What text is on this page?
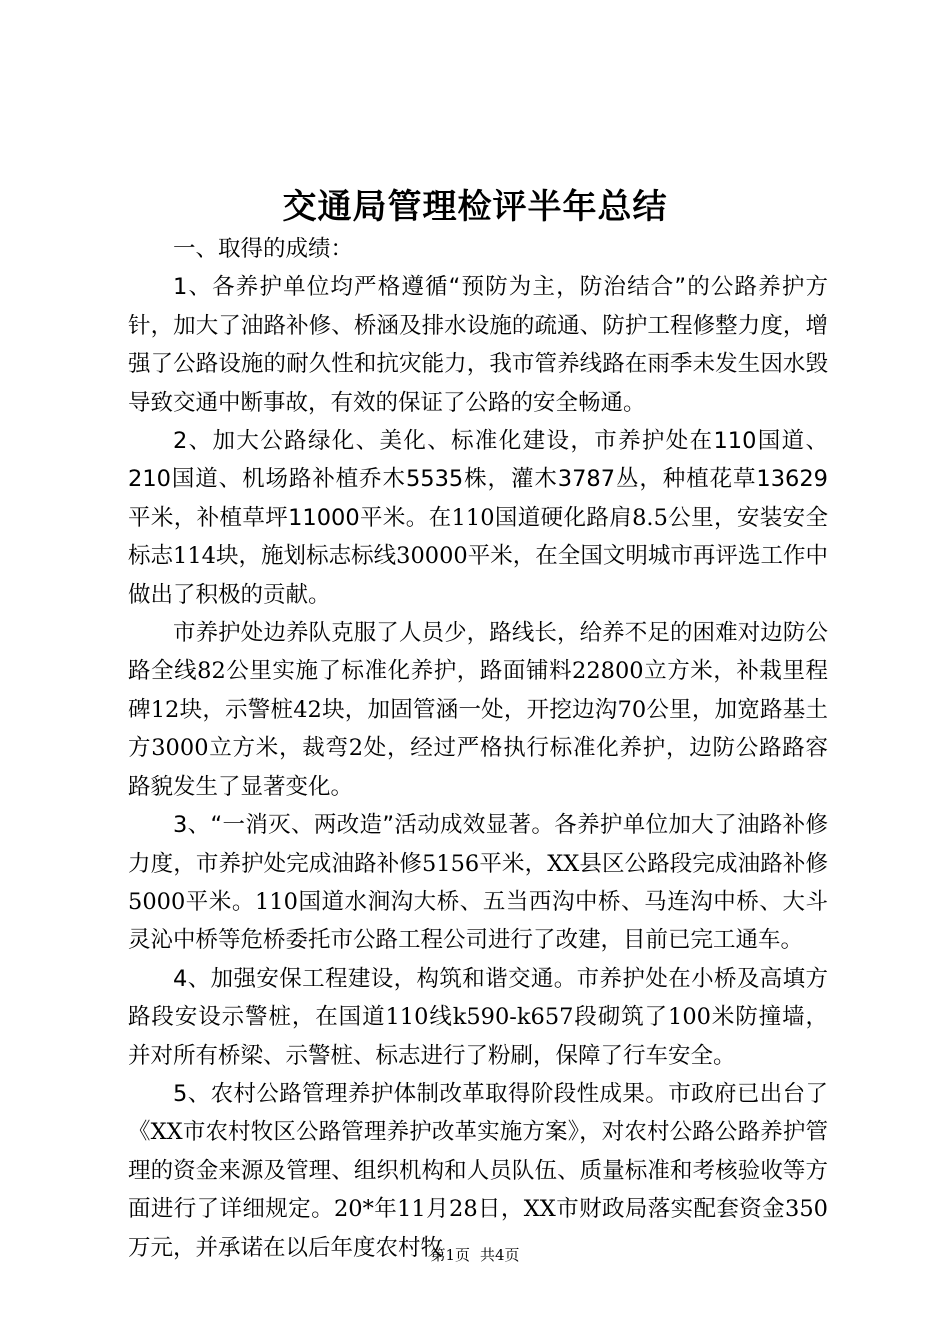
交通局管理检评半年总结

一、取得的成绩：

1、各养护单位均严格遵循“预防为主，防治结合”的公路养护方针，加大了油路补修、桥涵及排水设施的疏通、防护工程修整力度，增强了公路设施的耐久性和抗灾能力，我市管养线路在雨季未发生因水毁导致交通中断事故，有效的保证了公路的安全畅通。

2、加大公路绿化、美化、标准化建设，市养护处在110国道、210国道、机场路补植乔木5535株，灌木3787丛，种植花草13629平米，补植草坪11000平米。在110国道硬化路肩8.5公里，安装安全标志114块，施划标志标线30000平米，在全国文明城市再评选工作中做出了积极的贡献。

市养护处边养队克服了人员少，路线长，给养不足的困难对边防公路全线82公里实施了标准化养护，路面铺料22800立方米，补栽里程碑12块，示警桩42块，加固管涵一处，开挖边沟70公里，加宽路基土方3000立方米，裁弯2处，经过严格执行标准化养护，边防公路路容路貌发生了显著变化。

3、“一消灭、两改造”活动成效显著。各养护单位加大了油路补修力度，市养护处完成油路补修5156平米，XX县区公路段完成油路补修5000平米。110国道水涧沟大桥、五当西沟中桥、马连沟中桥、大斗灵沁中桥等危桥委托市公路工程公司进行了改建，目前已完工通车。

4、加强安保工程建设，构筑和谐交通。市养护处在小桥及高填方路段安设示警桩，在国道110线k590-k657段砌筑了100米防撞墙，并对所有桥梁、示警桩、标志进行了粉刷，保障了行车安全。

5、农村公路管理养护体制改革取得阶段性成果。市政府已出台了《XX市农村牧区公路管理养护改革实施方案》，对农村公路公路养护管理的资金来源及管理、组织机构和人员队伍、质量标准和考核验收等方面进行了详细规定。20*年11月28日，XX市财政局落实配套资金350万元，并承诺在以后年度农村牧

第1页 共4页
